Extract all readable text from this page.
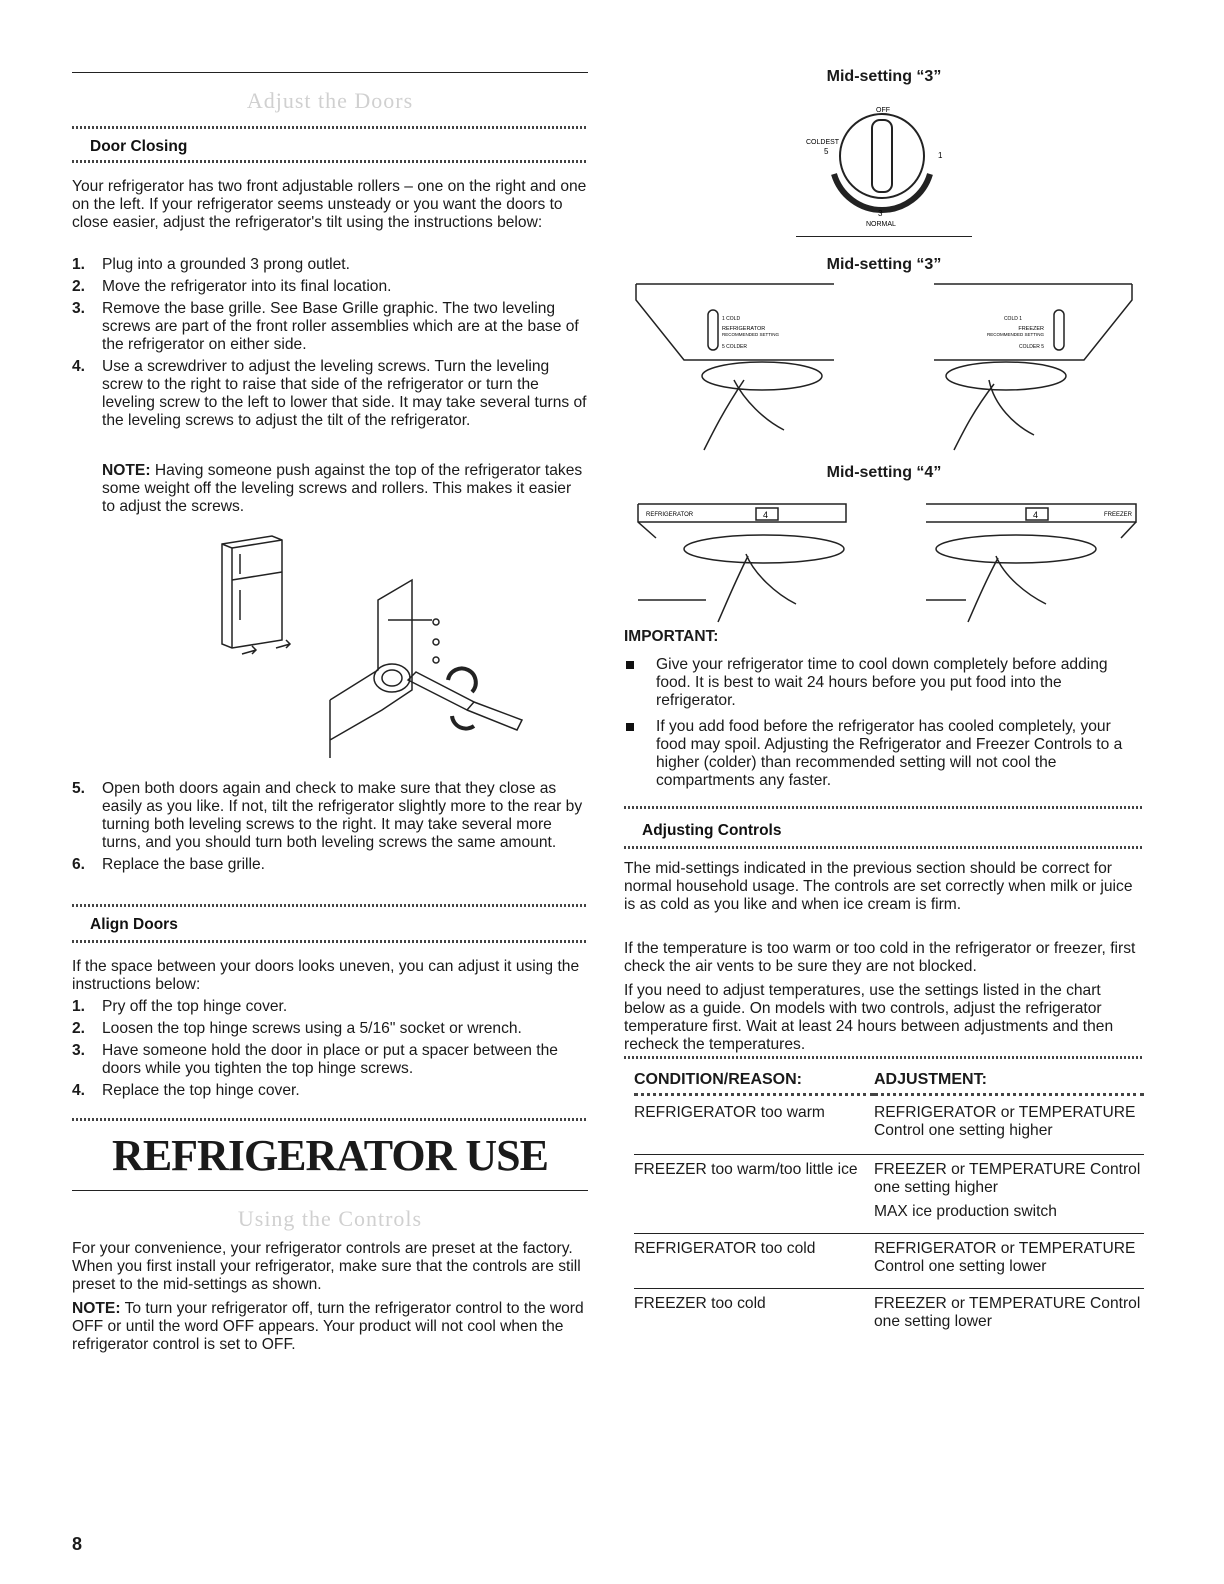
Adjust the Doors
Door Closing

Your refrigerator has two front adjustable rollers – one on the right and one on the left. If your refrigerator seems unsteady or you want the doors to close easier, adjust the refrigerator's tilt using the instructions below:

1. Plug into a grounded 3 prong outlet.
2. Move the refrigerator into its final location.
3. Remove the base grille. See Base Grille graphic. The two leveling screws are part of the front roller assemblies which are at the base of the refrigerator on either side.
4. Use a screwdriver to adjust the leveling screws. Turn the leveling screw to the right to raise that side of the refrigerator or turn the leveling screw to the left to lower that side. It may take several turns of the leveling screws to adjust the tilt of the refrigerator.

NOTE: Having someone push against the top of the refrigerator takes some weight off the leveling screws and rollers. This makes it easier to adjust the screws.

5. Open both doors again and check to make sure that they close as easily as you like. If not, tilt the refrigerator slightly more to the rear by turning both leveling screws to the right. It may take several more turns, and you should turn both leveling screws the same amount.
6. Replace the base grille.
Align Doors

If the space between your doors looks uneven, you can adjust it using the instructions below:

1. Pry off the top hinge cover.
2. Loosen the top hinge screws using a 5/16" socket or wrench.
3. Have someone hold the door in place or put a spacer between the doors while you tighten the top hinge screws.
4. Replace the top hinge cover.
REFRIGERATOR USE
Using the Controls

For your convenience, your refrigerator controls are preset at the factory. When you first install your refrigerator, make sure that the controls are still preset to the mid-settings as shown.

NOTE: To turn your refrigerator off, turn the refrigerator control to the word OFF or until the word OFF appears. Your product will not cool when the refrigerator control is set to OFF.

Mid-setting “3”
OFF
COLDEST
5	1
3
NORMAL
Mid-setting “3”
1 COLD
REFRIGERATOR
RECOMMENDED SETTING
5 COLDER
COLD 1
FREEZER
RECOMMENDED SETTING
COLDER 5
Mid-setting “4”
REFRIGERATOR	FREEZER
4	4
IMPORTANT:
Give your refrigerator time to cool down completely before adding food. It is best to wait 24 hours before you put food into the refrigerator.
If you add food before the refrigerator has cooled completely, your food may spoil. Adjusting the Refrigerator and Freezer Controls to a higher (colder) than recommended setting will not cool the compartments any faster.
Adjusting Controls

The mid-settings indicated in the previous section should be correct for normal household usage. The controls are set correctly when milk or juice is as cold as you like and when ice cream is firm.

If the temperature is too warm or too cold in the refrigerator or freezer, first check the air vents to be sure they are not blocked.

If you need to adjust temperatures, use the settings listed in the chart below as a guide. On models with two controls, adjust the refrigerator temperature first. Wait at least 24 hours between adjustments and then recheck the temperatures.

CONDITION/REASON:	ADJUSTMENT:
REFRIGERATOR too warm	REFRIGERATOR or TEMPERATURE Control one setting higher
FREEZER too warm/too little ice	FREEZER or TEMPERATURE Control one setting higher
MAX ice production switch

REFRIGERATOR too cold	REFRIGERATOR or TEMPERATURE Control one setting lower
FREEZER too cold	FREEZER or TEMPERATURE Control one setting lower
8
